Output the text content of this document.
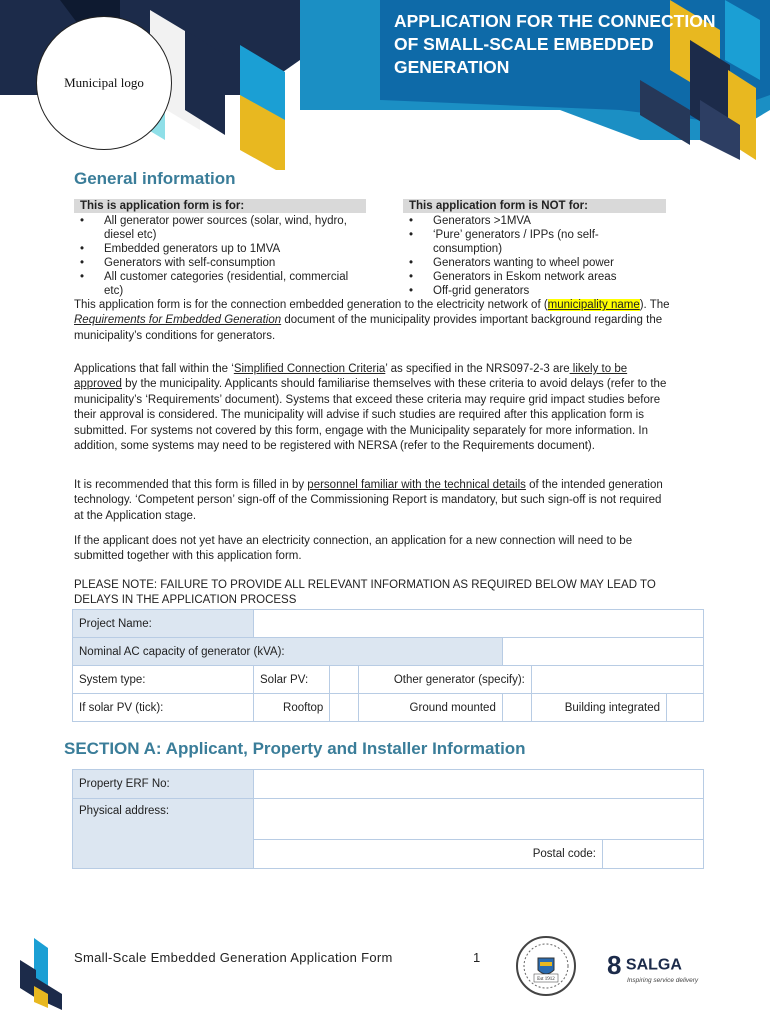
Municipal logo
APPLICATION FOR THE CONNECTION OF SMALL-SCALE EMBEDDED GENERATION
General information
This is application form is for:
• All generator power sources (solar, wind, hydro, diesel etc)
• Embedded generators up to 1MVA
• Generators with self-consumption
• All customer categories (residential, commercial etc)
This application form is NOT for:
• Generators >1MVA
• ‘Pure’ generators / IPPs (no self-consumption)
• Generators wanting to wheel power
• Generators in Eskom network areas
• Off-grid generators

This application form is for the connection embedded generation to the electricity network of (municipality name). The Requirements for Embedded Generation document of the municipality provides important background regarding the municipality’s conditions for generators.

Applications that fall within the ‘Simplified Connection Criteria’ as specified in the NRS097-2-3 are likely to be approved by the municipality. Applicants should familiarise themselves with these criteria to avoid delays (refer to the municipality’s ‘Requirements’ document). Systems that exceed these criteria may require grid impact studies before their approval is considered. The municipality will advise if such studies are required after this application form is submitted. For systems not covered by this form, engage with the Municipality separately for more information. In addition, some systems may need to be registered with NERSA (refer to the Requirements document).

It is recommended that this form is filled in by personnel familiar with the technical details of the intended generation technology. ‘Competent person’ sign-off of the Commissioning Report is mandatory, but such sign-off is not required at the Application stage.

If the applicant does not yet have an electricity connection, an application for a new connection will need to be submitted together with this application form.

PLEASE NOTE: FAILURE TO PROVIDE ALL RELEVANT INFORMATION AS REQUIRED BELOW MAY LEAD TO DELAYS IN THE APPLICATION PROCESS

Project Name:						
Nominal AC capacity of generator (kVA):						
System type:	Solar PV:		Other generator (specify):			
If solar PV (tick):	Rooftop		Ground mounted		Building integrated	
SECTION A: Applicant, Property and Installer Information
Property ERF No:		
Physical address:		
	Postal code:	
Small-Scale Embedded Generation Application Form	1
Est 1912 8 SALGA
Inspiring service delivery
